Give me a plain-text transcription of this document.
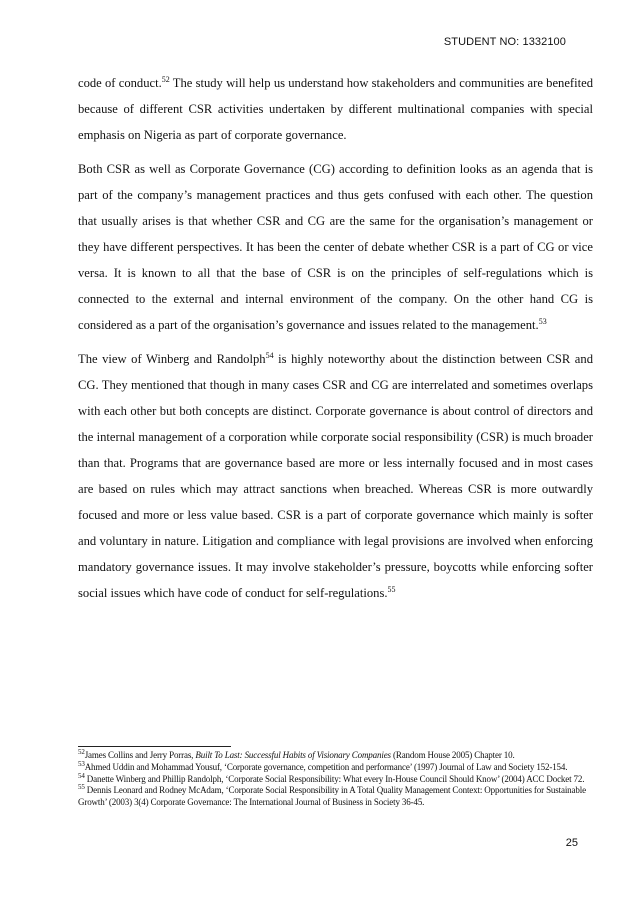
STUDENT NO: 1332100

code of conduct.$^{52}$ The study will help us understand how stakeholders and communities are benefited because of different CSR activities undertaken by different multinational companies with special emphasis on Nigeria as part of corporate governance.

Both CSR as well as Corporate Governance (CG) according to definition looks as an agenda that is part of the company’s management practices and thus gets confused with each other. The question that usually arises is that whether CSR and CG are the same for the organisation’s management or they have different perspectives. It has been the center of debate whether CSR is a part of CG or vice versa. It is known to all that the base of CSR is on the principles of self-regulations which is connected to the external and internal environment of the company. On the other hand CG is considered as a part of the organisation’s governance and issues related to the management.$^{53}$

The view of Winberg and Randolph$^{54}$ is highly noteworthy about the distinction between CSR and CG. They mentioned that though in many cases CSR and CG are interrelated and sometimes overlaps with each other but both concepts are distinct. Corporate governance is about control of directors and the internal management of a corporation while corporate social responsibility (CSR) is much broader than that. Programs that are governance based are more or less internally focused and in most cases are based on rules which may attract sanctions when breached. Whereas CSR is more outwardly focused and more or less value based. CSR is a part of corporate governance which mainly is softer and voluntary in nature. Litigation and compliance with legal provisions are involved when enforcing mandatory governance issues. It may involve stakeholder’s pressure, boycotts while enforcing softer social issues which have code of conduct for self-regulations.$^{55}$

$^{52}$James Collins and Jerry Porras, Built To Last: Successful Habits of Visionary Companies (Random House 2005) Chapter 10.

$^{53}$Ahmed Uddin and Mohammad Yousuf, ‘Corporate governance, competition and performance’ (1997) Journal of Law and Society 152-154.

$^{54}$ Danette Winberg and Phillip Randolph, ‘Corporate Social Responsibility: What every In-House Council Should Know’ (2004) ACC Docket 72.

$^{55}$ Dennis Leonard and Rodney McAdam, ‘Corporate Social Responsibility in A Total Quality Management Context: Opportunities for Sustainable Growth’ (2003) 3(4) Corporate Governance: The International Journal of Business in Society 36-45.

25
